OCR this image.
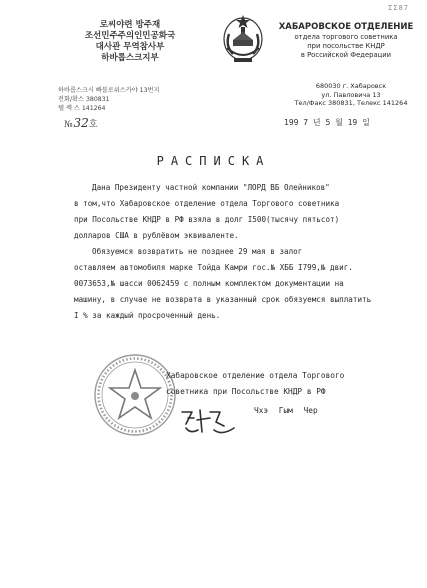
ΣΣ87
로씨야련 방주재
조선민주주의인민공화국
대사관 무역참사부
하바롭스크지부
하바롭스크시 빠블로위스카야 13번지
전화/확스 380831
텔 렉 스 141264
ХАБАРОВСКОЕ ОТДЕЛЕНИЕ
отдела торгового советника
при посольстве КНДР
в Российской Федерации
680030 г. Хабаровск
ул. Павловича 13
Тел/Факс 380831, Телекс 141264
№32호	199 7 년 5 월 19 일
РАСПИСКА

Дана Президенту частной компании "ЛОРД ВБ Олейников"

в том,что Хабаровское отделение отдела Торгового советника

при Посольстве КНДР в РФ взяла в долг I500(тысячу пятьсот)

долларов США в рублёвом эквиваленте.

Обязуемся возвратить не позднее 29 мая в залог

оставляем автомобиля марке Тойда Камри гос.№ ХББ I799,№ двиг.

0073653,№ шасси 0062459 с полным комплектом документации на

машину, в случае не возврата в указанный срок обязуемся выплатить

I % за каждый просроченный день.

Хабаровское отделение отдела Торгового

советника при Посольстве КНДР в РФ

Чхэ Гым Чер
